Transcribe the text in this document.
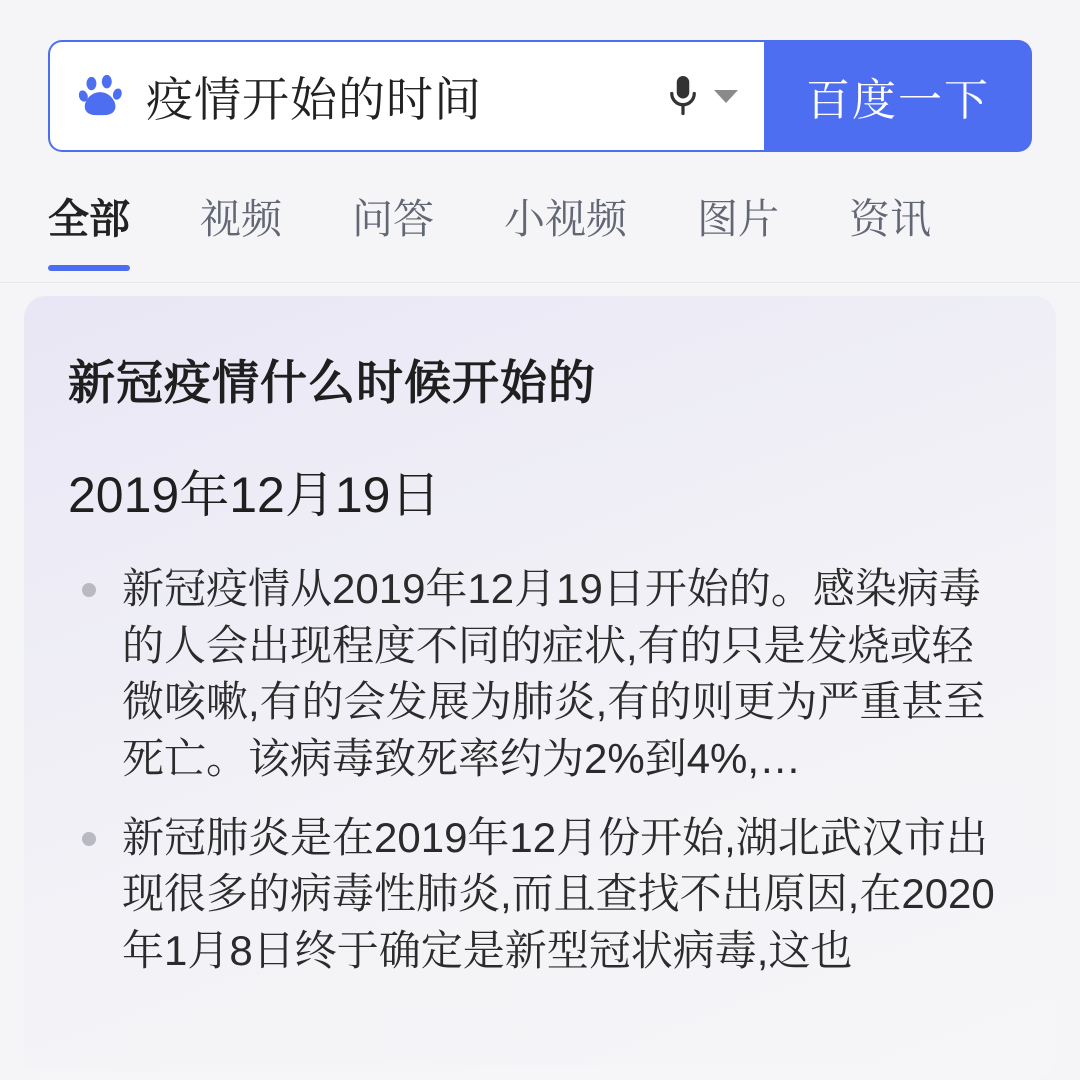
疫情开始的时间	百度一下
全部 视频 问答 小视频 图片 资讯
新冠疫情什么时候开始的
2019年12月19日
新冠疫情从2019年12月19日开始的。感染病毒的人会出现程度不同的症状,有的只是发烧或轻微咳嗽,有的会发展为肺炎,有的则更为严重甚至死亡。该病毒致死率约为2%到4%,…
新冠肺炎是在2019年12月份开始,湖北武汉市出现很多的病毒性肺炎,而且查找不出原因,在2020年1月8日终于确定是新型冠状病毒,这也
